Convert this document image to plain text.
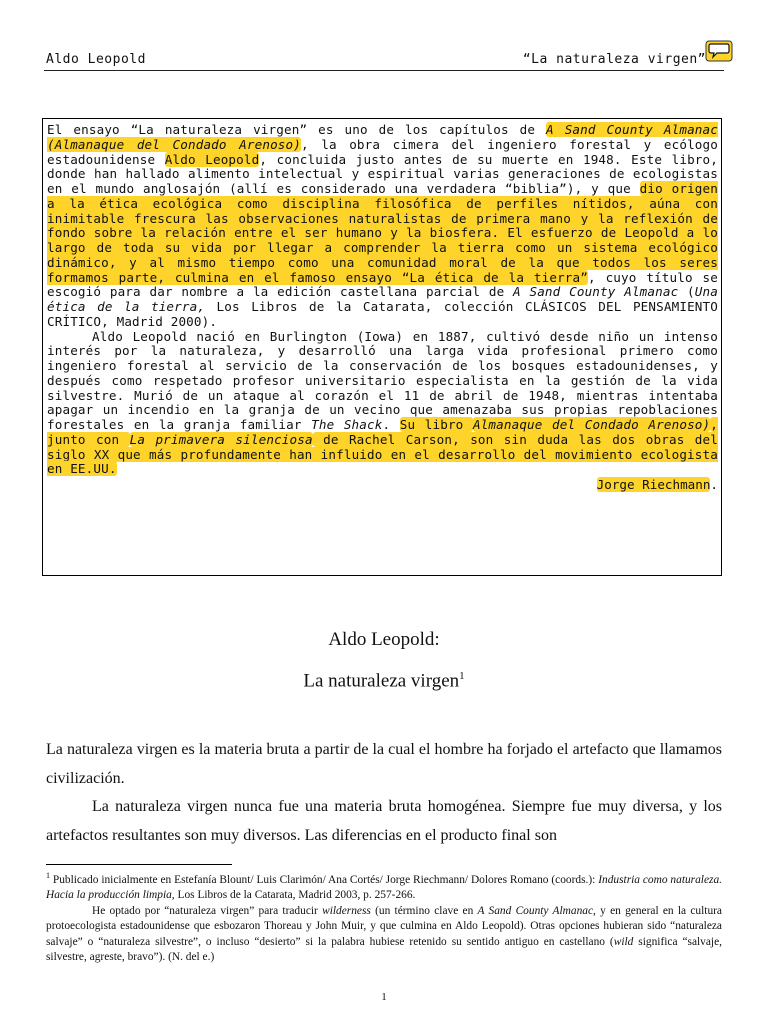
Aldo Leopold	“La naturaleza virgen”
El ensayo “La naturaleza virgen” es uno de los capítulos de A Sand County Almanac (Almanaque del Condado Arenoso), la obra cimera del ingeniero forestal y ecólogo estadounidense Aldo Leopold, concluida justo antes de su muerte en 1948. Este libro, donde han hallado alimento intelectual y espiritual varias generaciones de ecologistas en el mundo anglosajón (allí es considerado una verdadera “biblia”), y que dio origen a la ética ecológica como disciplina filosófica de perfiles nítidos, aúna con inimitable frescura las observaciones naturalistas de primera mano y la reflexión de fondo sobre la relación entre el ser humano y la biosfera. El esfuerzo de Leopold a lo largo de toda su vida por llegar a comprender la tierra como un sistema ecológico dinámico, y al mismo tiempo como una comunidad moral de la que todos los seres formamos parte, culmina en el famoso ensayo “La ética de la tierra”, cuyo título se escogió para dar nombre a la edición castellana parcial de A Sand County Almanac (Una ética de la tierra, Los Libros de la Catarata, colección CLÁSICOS DEL PENSAMIENTO CRÍTICO, Madrid 2000).
Aldo Leopold nació en Burlington (Iowa) en 1887, cultivó desde niño un intenso interés por la naturaleza, y desarrolló una larga vida profesional primero como ingeniero forestal al servicio de la conservación de los bosques estadounidenses, y después como respetado profesor universitario especialista en la gestión de la vida silvestre. Murió de un ataque al corazón el 11 de abril de 1948, mientras intentaba apagar un incendio en la granja de un vecino que amenazaba sus propias repoblaciones forestales en la granja familiar The Shack. Su libro Almanaque del Condado Arenoso), junto con La primavera silenciosa de Rachel Carson, son sin duda las dos obras del siglo XX que más profundamente han influido en el desarrollo del movimiento ecologista en EE.UU.
Jorge Riechmann.
Aldo Leopold:
La naturaleza virgen$^1$

La naturaleza virgen es la materia bruta a partir de la cual el hombre ha forjado el artefacto que llamamos civilización.

La naturaleza virgen nunca fue una materia bruta homogénea. Siempre fue muy diversa, y los artefactos resultantes son muy diversos. Las diferencias en el producto final son

$^1$ Publicado inicialmente en Estefanía Blount/ Luis Clarimón/ Ana Cortés/ Jorge Riechmann/ Dolores Romano (coords.): Industria como naturaleza. Hacia la producción limpia, Los Libros de la Catarata, Madrid 2003, p. 257-266.

He optado por “naturaleza virgen” para traducir wilderness (un término clave en A Sand County Almanac, y en general en la cultura protoecologista estadounidense que esbozaron Thoreau y John Muir, y que culmina en Aldo Leopold). Otras opciones hubieran sido “naturaleza salvaje” o “naturaleza silvestre”, o incluso “desierto” si la palabra hubiese retenido su sentido antiguo en castellano (wild significa “salvaje, silvestre, agreste, bravo”). (N. del e.)

1
